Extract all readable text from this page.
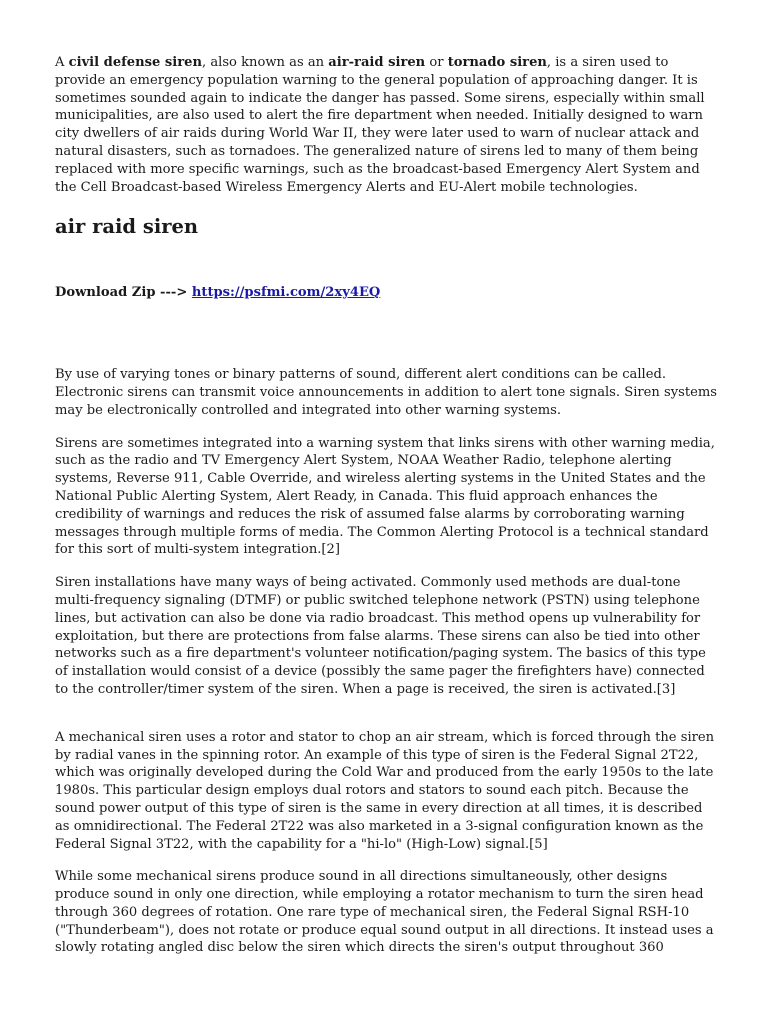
A civil defense siren, also known as an air-raid siren or tornado siren, is a siren used to provide an emergency population warning to the general population of approaching danger. It is sometimes sounded again to indicate the danger has passed. Some sirens, especially within small municipalities, are also used to alert the fire department when needed. Initially designed to warn city dwellers of air raids during World War II, they were later used to warn of nuclear attack and natural disasters, such as tornadoes. The generalized nature of sirens led to many of them being replaced with more specific warnings, such as the broadcast-based Emergency Alert System and the Cell Broadcast-based Wireless Emergency Alerts and EU-Alert mobile technologies.

air raid siren

Download Zip ---> https://psfmi.com/2xy4EQ

By use of varying tones or binary patterns of sound, different alert conditions can be called. Electronic sirens can transmit voice announcements in addition to alert tone signals. Siren systems may be electronically controlled and integrated into other warning systems.

Sirens are sometimes integrated into a warning system that links sirens with other warning media, such as the radio and TV Emergency Alert System, NOAA Weather Radio, telephone alerting systems, Reverse 911, Cable Override, and wireless alerting systems in the United States and the National Public Alerting System, Alert Ready, in Canada. This fluid approach enhances the credibility of warnings and reduces the risk of assumed false alarms by corroborating warning messages through multiple forms of media. The Common Alerting Protocol is a technical standard for this sort of multi-system integration.[2]

Siren installations have many ways of being activated. Commonly used methods are dual-tone multi-frequency signaling (DTMF) or public switched telephone network (PSTN) using telephone lines, but activation can also be done via radio broadcast. This method opens up vulnerability for exploitation, but there are protections from false alarms. These sirens can also be tied into other networks such as a fire department's volunteer notification/paging system. The basics of this type of installation would consist of a device (possibly the same pager the firefighters have) connected to the controller/timer system of the siren. When a page is received, the siren is activated.[3]

A mechanical siren uses a rotor and stator to chop an air stream, which is forced through the siren by radial vanes in the spinning rotor. An example of this type of siren is the Federal Signal 2T22, which was originally developed during the Cold War and produced from the early 1950s to the late 1980s. This particular design employs dual rotors and stators to sound each pitch. Because the sound power output of this type of siren is the same in every direction at all times, it is described as omnidirectional. The Federal 2T22 was also marketed in a 3-signal configuration known as the Federal Signal 3T22, with the capability for a "hi-lo" (High-Low) signal.[5]

While some mechanical sirens produce sound in all directions simultaneously, other designs produce sound in only one direction, while employing a rotator mechanism to turn the siren head through 360 degrees of rotation. One rare type of mechanical siren, the Federal Signal RSH-10 ("Thunderbeam"), does not rotate or produce equal sound output in all directions. It instead uses a slowly rotating angled disc below the siren which directs the siren's output throughout 360
